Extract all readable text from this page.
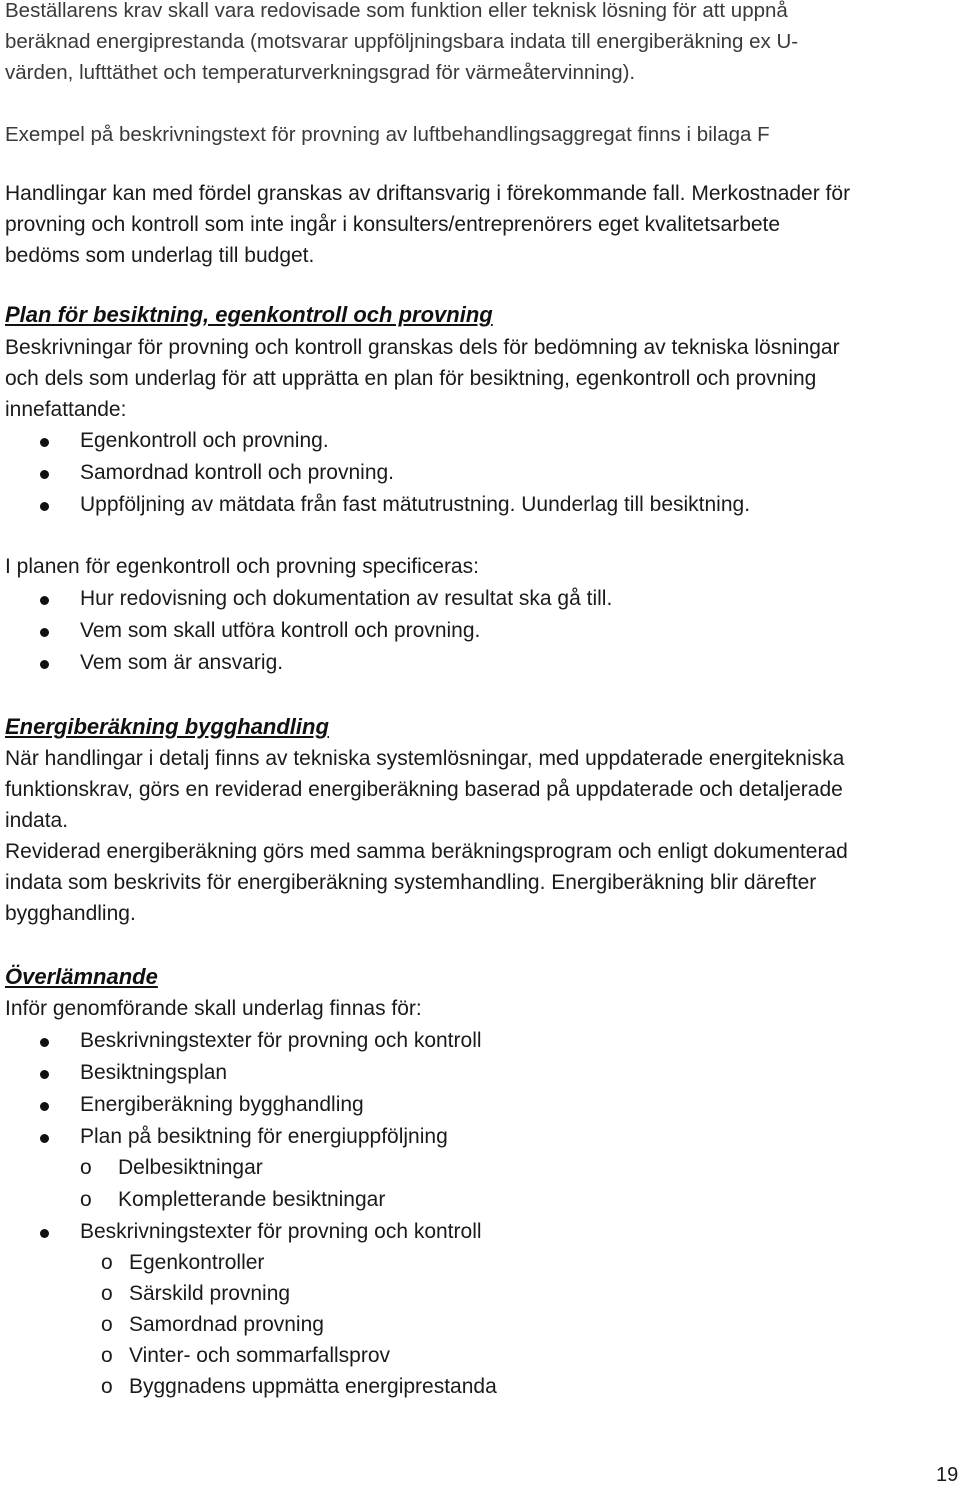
Beställarens krav skall vara redovisade som funktion eller teknisk lösning för att uppnå

beräknad energiprestanda (motsvarar uppföljningsbara indata till energiberäkning ex U-

värden, lufttäthet och temperaturverkningsgrad för värmeåtervinning).

Exempel på beskrivningstext för provning av luftbehandlingsaggregat finns i bilaga F

Handlingar kan med fördel granskas av driftansvarig i förekommande fall. Merkostnader för

provning och kontroll som inte ingår i konsulters/entreprenörers eget kvalitetsarbete

bedöms som underlag till budget.

Plan för besiktning, egenkontroll och provning

Beskrivningar för provning och kontroll granskas dels för bedömning av tekniska lösningar

och dels som underlag för att upprätta en plan för besiktning, egenkontroll och provning

innefattande:

Egenkontroll och provning.
Samordnad kontroll och provning.
Uppföljning av mätdata från fast mätutrustning. Uunderlag till besiktning.

I planen för egenkontroll och provning specificeras:

Hur redovisning och dokumentation av resultat ska gå till.
Vem som skall utföra kontroll och provning.
Vem som är ansvarig.

Energiberäkning bygghandling

När handlingar i detalj finns av tekniska systemlösningar, med uppdaterade energitekniska

funktionskrav, görs en reviderad energiberäkning baserad på uppdaterade och detaljerade

indata.

Reviderad energiberäkning görs med samma beräkningsprogram och enligt dokumenterad

indata som beskrivits för energiberäkning systemhandling. Energiberäkning blir därefter

bygghandling.

Överlämnande

Inför genomförande skall underlag finnas för:

Beskrivningstexter för provning och kontroll
Besiktningsplan
Energiberäkning bygghandling
Plan på besiktning för energiuppföljning
o Delbesiktningar
o Kompletterande besiktningar
Beskrivningstexter för provning och kontroll
o Egenkontroller
o Särskild provning
o Samordnad provning
o Vinter- och sommarfallsprov
o Byggnadens uppmätta energiprestanda
19
